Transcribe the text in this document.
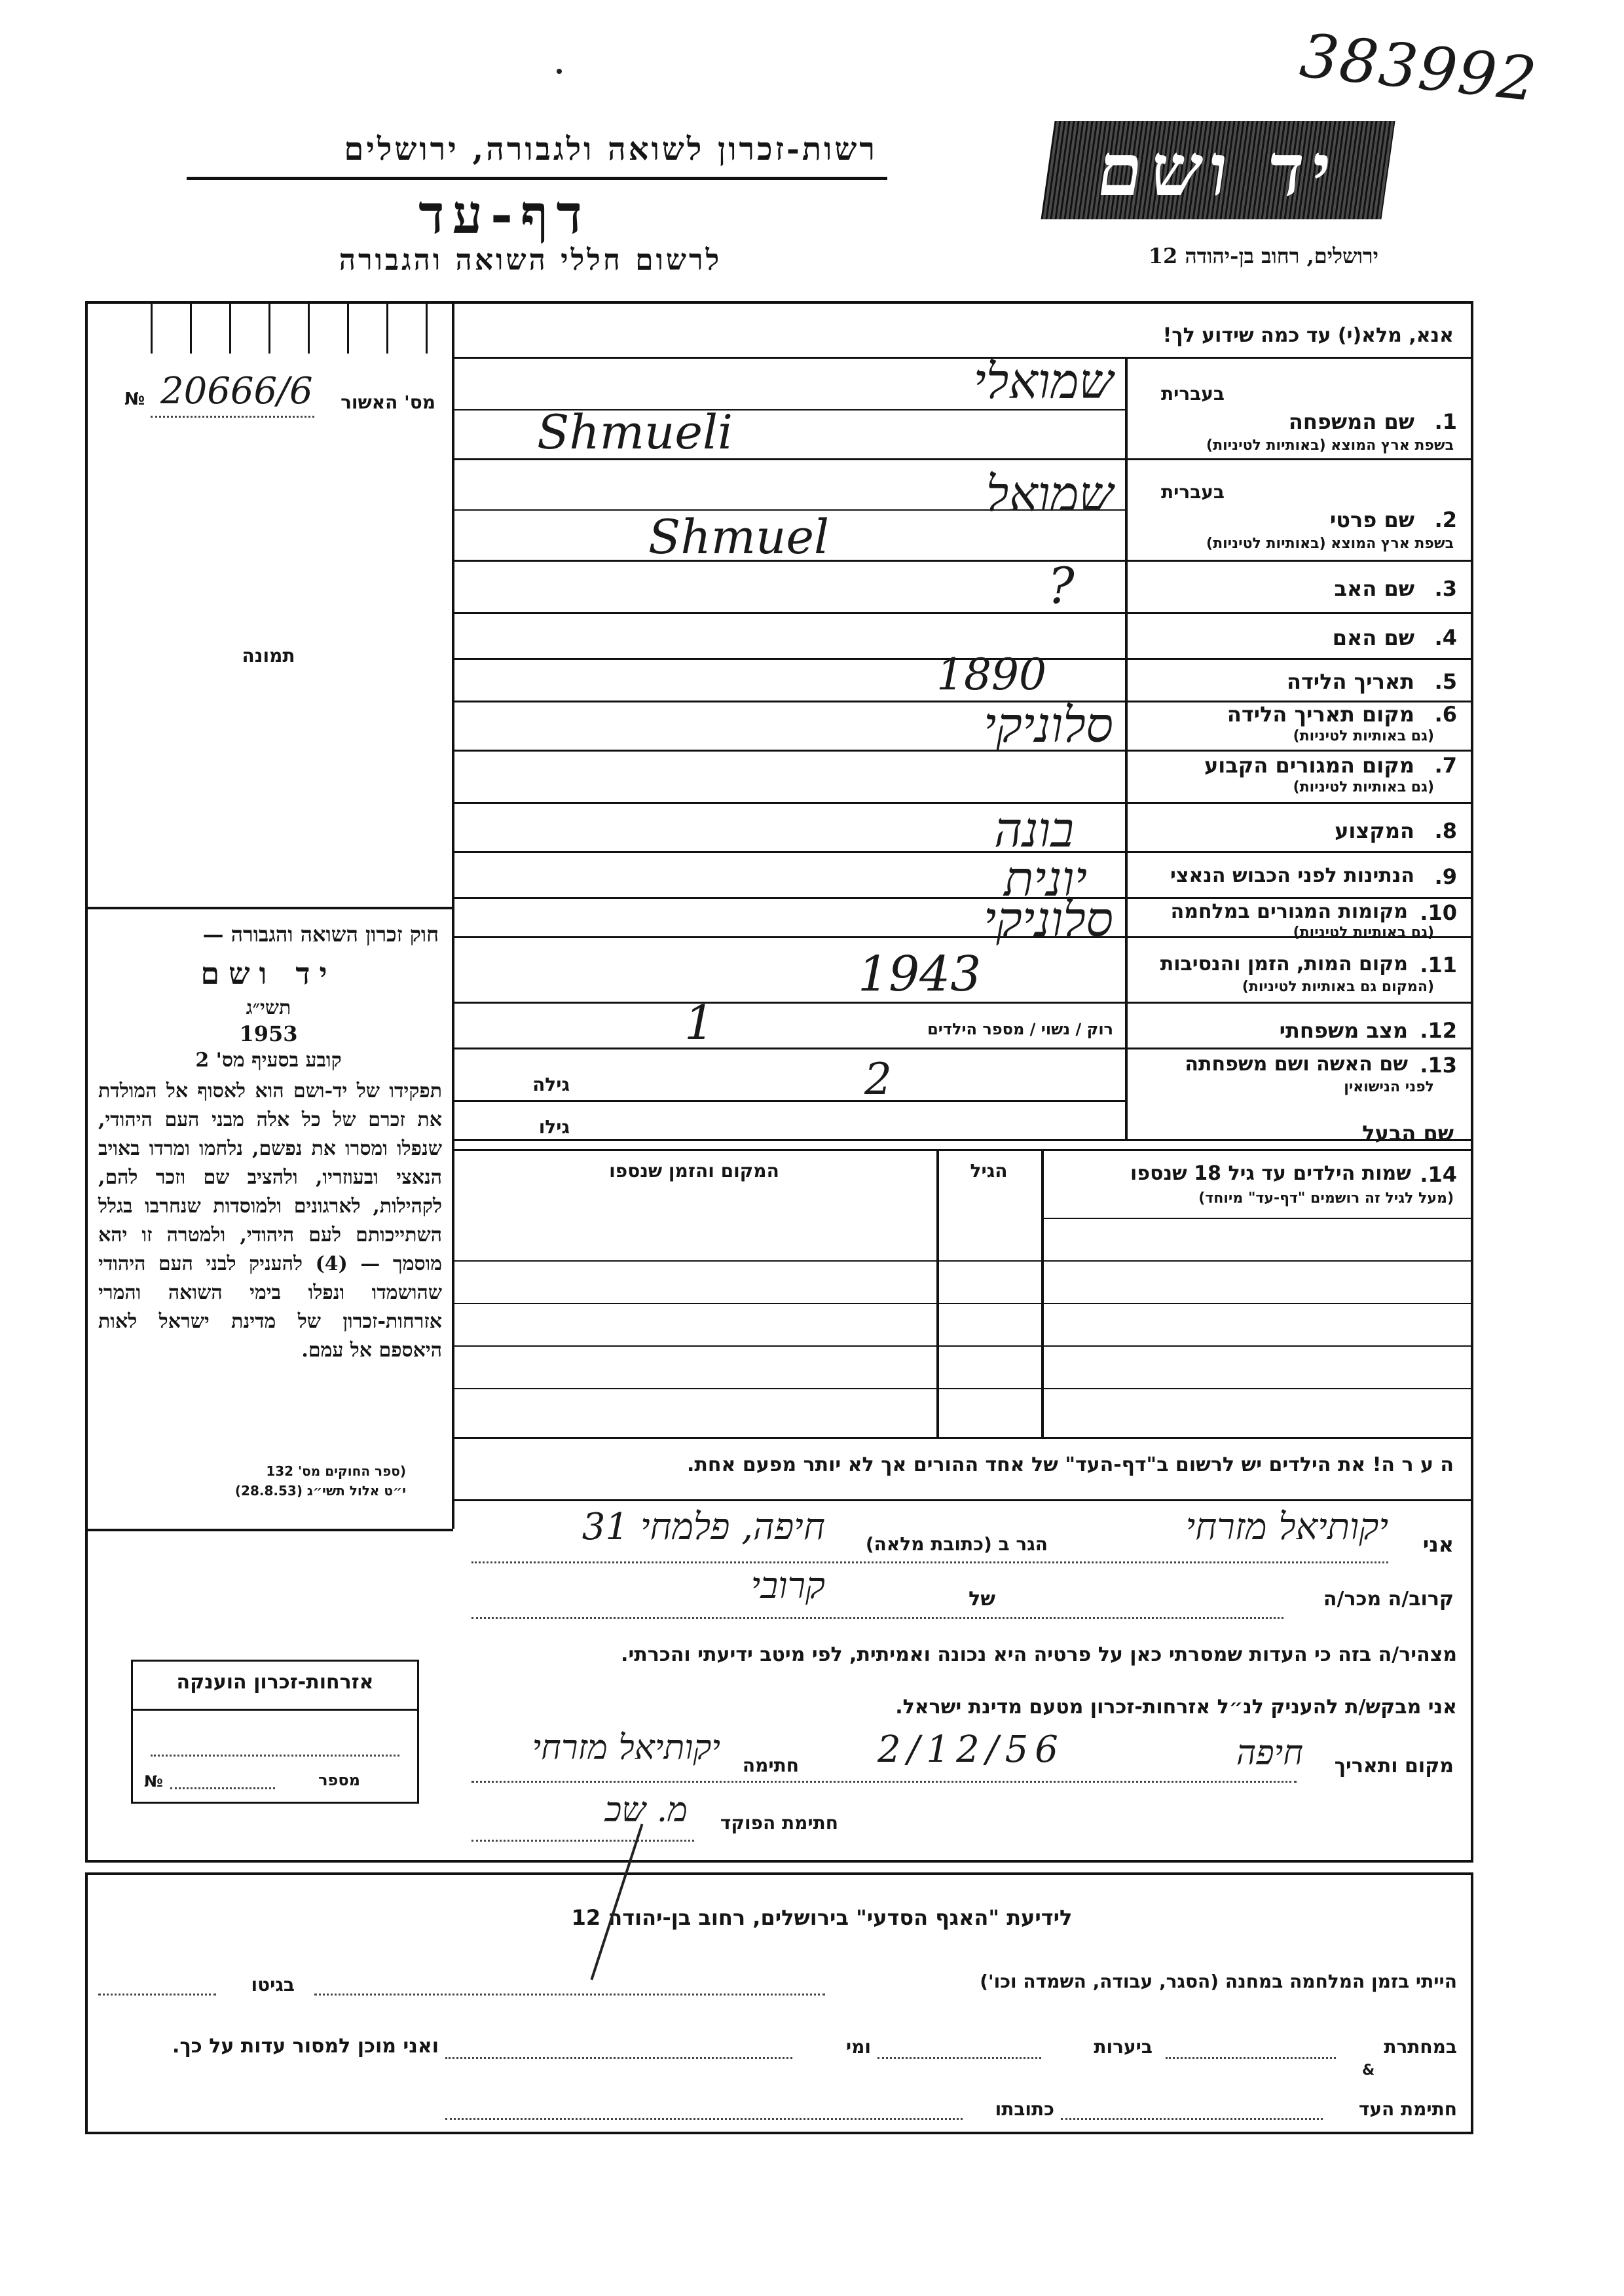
383992
רשות-זכרון לשואה ולגבורה, ירושלים
דף-עד
לרשום חללי השואה והגבורה
יד ושם
ירושלים, רחוב בן-יהודה 12
№ 20666/6	מס' האשור
תמונה
חוק זכרון השואה והגבורה —
יד ושם
תשי״ג
1953
קובע בסעיף מס' 2
תפקידו של יד-ושם הוא לאסוף אל המולדת את זכרם של כל אלה מבני העם היהודי, שנפלו ומסרו את נפשם, נלחמו ומרדו באויב הנאצי ובעוזריו, ולהציב שם וזכר להם, לקהילות, לארגונים ולמוסדות שנחרבו בגלל השתייכותם לעם היהודי, ולמטרה זו יהא מוסמך — (4) להעניק לבני העם היהודי שהושמדו ונפלו בימי השואה והמרי אזרחות-זכרון של מדינת ישראל לאות היאספם אל עמם.
(ספר החוקים מס' 132
י״ט אלול תשי״ג (28.8.53)
אזרחות-זכרון הוענקה
מספר
№
אנא, מלא(י) עד כמה שידוע לך!
בעברית
1.
שם המשפחה
בשפת ארץ המוצא (באותיות לטיניות)
שמואלי
Shmueli
בעברית
2.
שם פרטי
בשפת ארץ המוצא (באותיות לטיניות)
שמואל
Shmuel
3.
שם האב
?
4.
שם האם
5.
תאריך הלידה
1890
6.
מקום תאריך הלידה
(גם באותיות לטיניות)
סלוניקי
7.
מקום המגורים הקבוע
(גם באותיות לטיניות)
8.
המקצוע
בונה
9.
הנתינות לפני הכבוש הנאצי
יונית
10.
מקומות המגורים במלחמה
(גם באותיות לטיניות)
סלוניקי
11.
מקום המות, הזמן והנסיבות
(המקום גם באותיות לטיניות)
1943
12.
מצב משפחתי
רוק / נשוי / מספר הילדים
1
13.
שם האשה ושם משפחתה
לפני הנישואין
גילה	2
שם הבעל
גילו
14.
שמות הילדים עד גיל 18 שנספו
(מעל לגיל זה רושמים "דף-עד" מיוחד)
הגיל
המקום והזמן שנספו
ה ע ר ה! את הילדים יש לרשום ב"דף-העד" של אחד ההורים אך לא יותר מפעם אחת.
אני
יקותיאל מזרחי
הגר ב (כתובת מלאה)
חיפה, פלמחי 31
קרוב/ה מכר/ה
של
קרובי
מצהיר/ה בזה כי העדות שמסרתי כאן על פרטיה היא נכונה ואמיתית, לפי מיטב ידיעתי והכרתי.
אני מבקש/ת להעניק לנ״ל אזרחות-זכרון מטעם מדינת ישראל.
מקום ותאריך
חיפה
2/12/56
חתימה
יקותיאל מזרחי
חתימת הפוקד
מ. שכ
לידיעת "האגף הסדעי" בירושלים, רחוב בן-יהודה 12
הייתי בזמן המלחמה במחנה (הסגר, עבודה, השמדה וכו')
בגיטו
במחתרת
ביערות
ומי
ואני מוכן למסור עדות על כך.
&
חתימת העד
כתובתו
